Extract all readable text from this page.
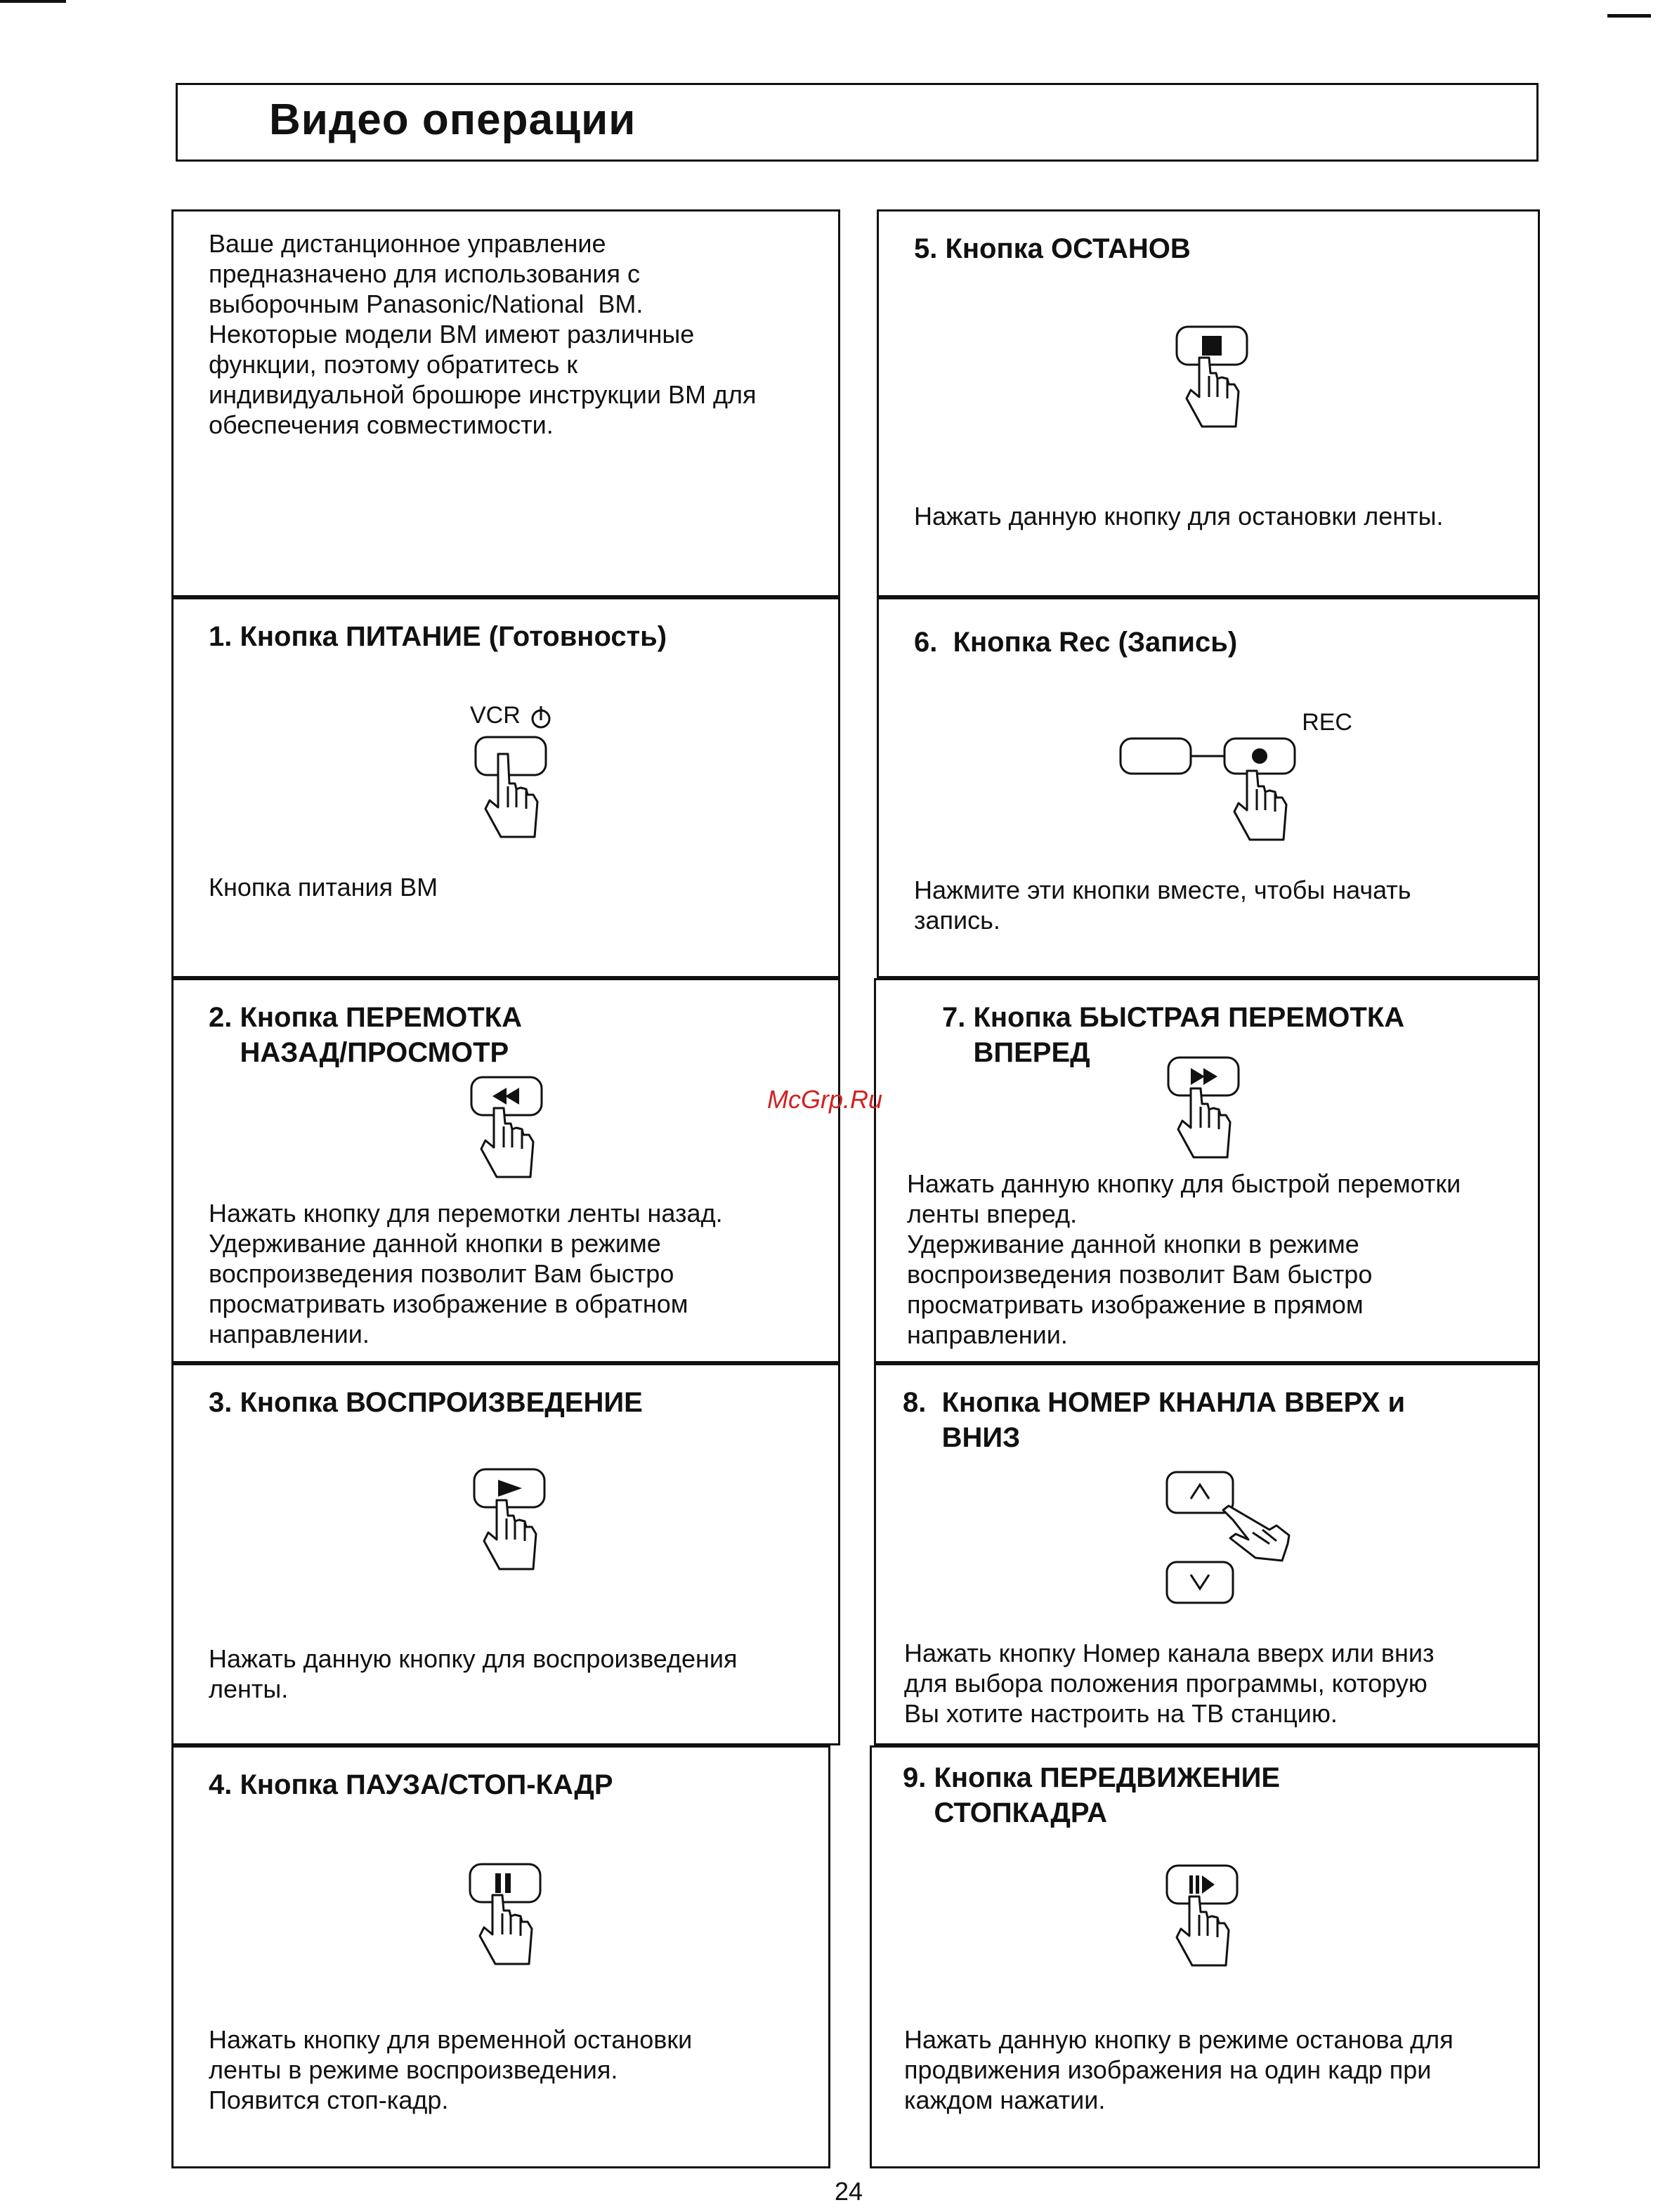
Видео операции
Ваше дистанционное управление
предназначено для использования с
выборочным Panasonic/National  ВМ.
Некоторые модели ВМ имеют различные
функции, поэтому обратитесь к
индивидуальной брошюре инструкции ВМ для
обеспечения совместимости.
1. Кнопка ПИТАНИЕ (Готовность)
VCR
Кнопка питания ВМ
2. Кнопка ПЕРЕМОТКА
НАЗАД/ПРОСМОТР
Нажать кнопку для перемотки ленты назад.
Удерживание данной кнопки в режиме
воспроизведения позволит Вам быстро
просматривать изображение в обратном
направлении.
3. Кнопка ВОСПРОИЗВЕДЕНИЕ
Нажать данную кнопку для воспроизведения
ленты.
4. Кнопка ПАУЗА/СТОП-КАДР
Нажать кнопку для временной остановки
ленты в режиме воспроизведения.
Появится стоп-кадр.
5. Кнопка ОСТАНОВ
Нажать данную кнопку для остановки ленты.
6.  Кнопка Rec (Запись)
REC
Нажмите эти кнопки вместе, чтобы начать
запись.
7. Кнопка БЫСТРАЯ ПЕРЕМОТКА
ВПЕРЕД
Нажать данную кнопку для быстрой перемотки
ленты вперед.
Удерживание данной кнопки в режиме
воспроизведения позволит Вам быстро
просматривать изображение в прямом
направлении.
8.  Кнопка НОМЕР КНАНЛА ВВЕРХ и
ВНИЗ
Нажать кнопку Номер канала вверх или вниз
для выбора положения программы, которую
Вы хотите настроить на ТВ станцию.
9. Кнопка ПЕРЕДВИЖЕНИЕ
СТОПКАДРА
Нажать данную кнопку в режиме останова для
продвижения изображения на один кадр при
каждом нажатии.
McGrp.Ru
24
